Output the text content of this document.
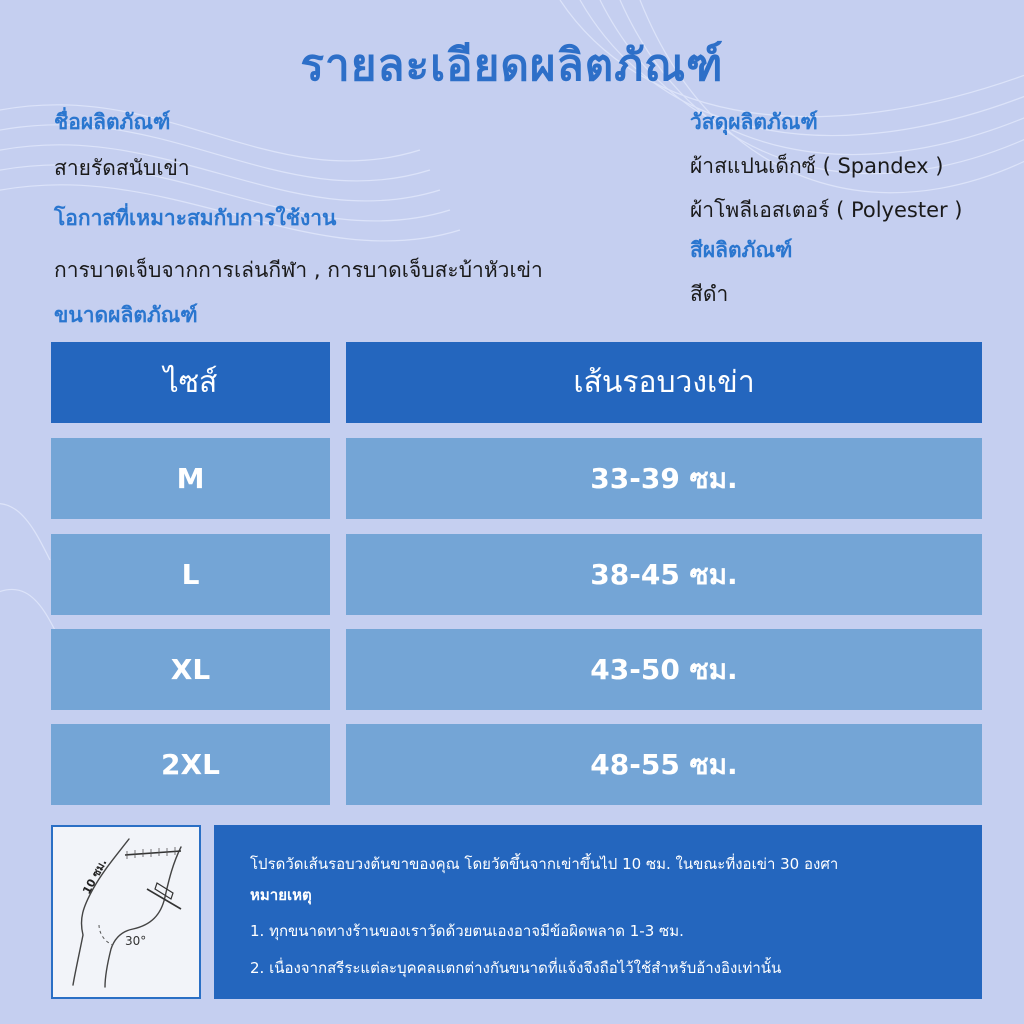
รายละเอียดผลิตภัณฑ์
ชื่อผลิตภัณฑ์
สายรัดสนับเข่า
โอกาสที่เหมาะสมกับการใช้งาน
การบาดเจ็บจากการเล่นกีฬา , การบาดเจ็บสะบ้าหัวเข่า
ขนาดผลิตภัณฑ์
วัสดุผลิตภัณฑ์
ผ้าสแปนเด็กซ์ ( Spandex )
ผ้าโพลีเอสเตอร์ ( Polyester )
สีผลิตภัณฑ์
สีดำ
ไซส์	เส้นรอบวงเข่า
M	33-39 ซม.
L	38-45 ซม.
XL	43-50 ซม.
2XL	48-55 ซม.
10 ซม.
30°
โปรดวัดเส้นรอบวงต้นขาของคุณ โดยวัดขึ้นจากเข่าขึ้นไป 10 ซม. ในขณะที่งอเข่า 30 องศา
หมายเหตุ
1. ทุกขนาดทางร้านของเราวัดด้วยตนเองอาจมีข้อผิดพลาด 1-3 ซม.
2. เนื่องจากสรีระแต่ละบุคคลแตกต่างกันขนาดที่แจ้งจึงถือไว้ใช้สำหรับอ้างอิงเท่านั้น
